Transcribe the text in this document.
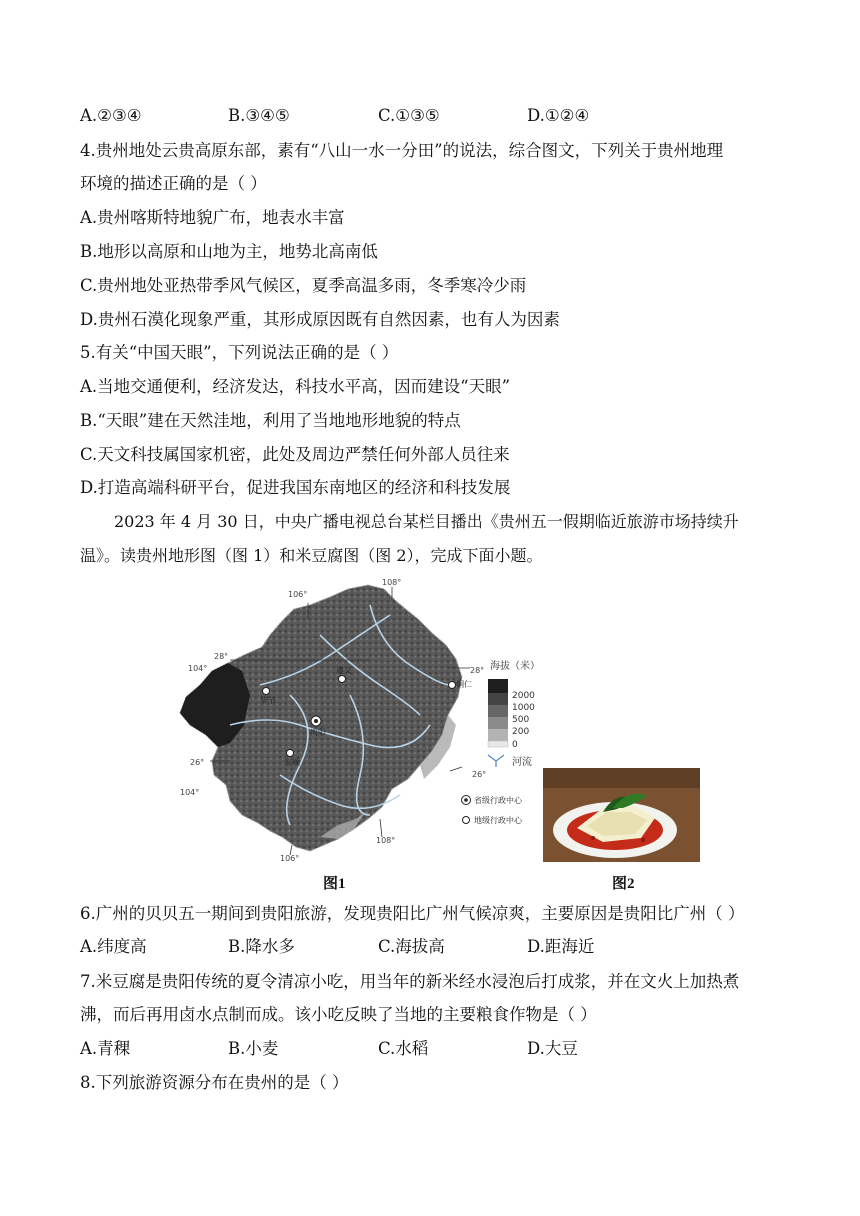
A.②③④	B.③④⑤	C.①③⑤	D.①②④
4.贵州地处云贵高原东部，素有“八山一水一分田”的说法，综合图文，下列关于贵州地理
环境的描述正确的是（ ）
A.贵州喀斯特地貌广布，地表水丰富
B.地形以高原和山地为主，地势北高南低
C.贵州地处亚热带季风气候区，夏季高温多雨，冬季寒冷少雨
D.贵州石漠化现象严重，其形成原因既有自然因素，也有人为因素
5.有关“中国天眼”，下列说法正确的是（ ）
A.当地交通便利，经济发达，科技水平高，因而建设“天眼”
B.“天眼”建在天然洼地，利用了当地地形地貌的特点
C.天文科技属国家机密，此处及周边严禁任何外部人员往来
D.打造高端科研平台，促进我国东南地区的经济和科技发展
2023 年 4 月 30 日，中央广播电视总台某栏目播出《贵州五一假期临近旅游市场持续升
温》。读贵州地形图（图 1）和米豆腐图（图 2），完成下面小题。
106°
108°
28°
28°
104°
26°
104°
26°
108°
106°
遵义
毕节
铜仁
贵阳
安顺
海拔（米）
2000
1000
500
200
0
河流
省级行政中心
地级行政中心
图1	图2
6.广州的贝贝五一期间到贵阳旅游，发现贵阳比广州气候凉爽，主要原因是贵阳比广州（ ）
A.纬度高	B.降水多	C.海拔高	D.距海近
7.米豆腐是贵阳传统的夏令清凉小吃，用当年的新米经水浸泡后打成浆，并在文火上加热煮
沸，而后再用卤水点制而成。该小吃反映了当地的主要粮食作物是（ ）
A.青稞	B.小麦	C.水稻	D.大豆
8.下列旅游资源分布在贵州的是（ ）
